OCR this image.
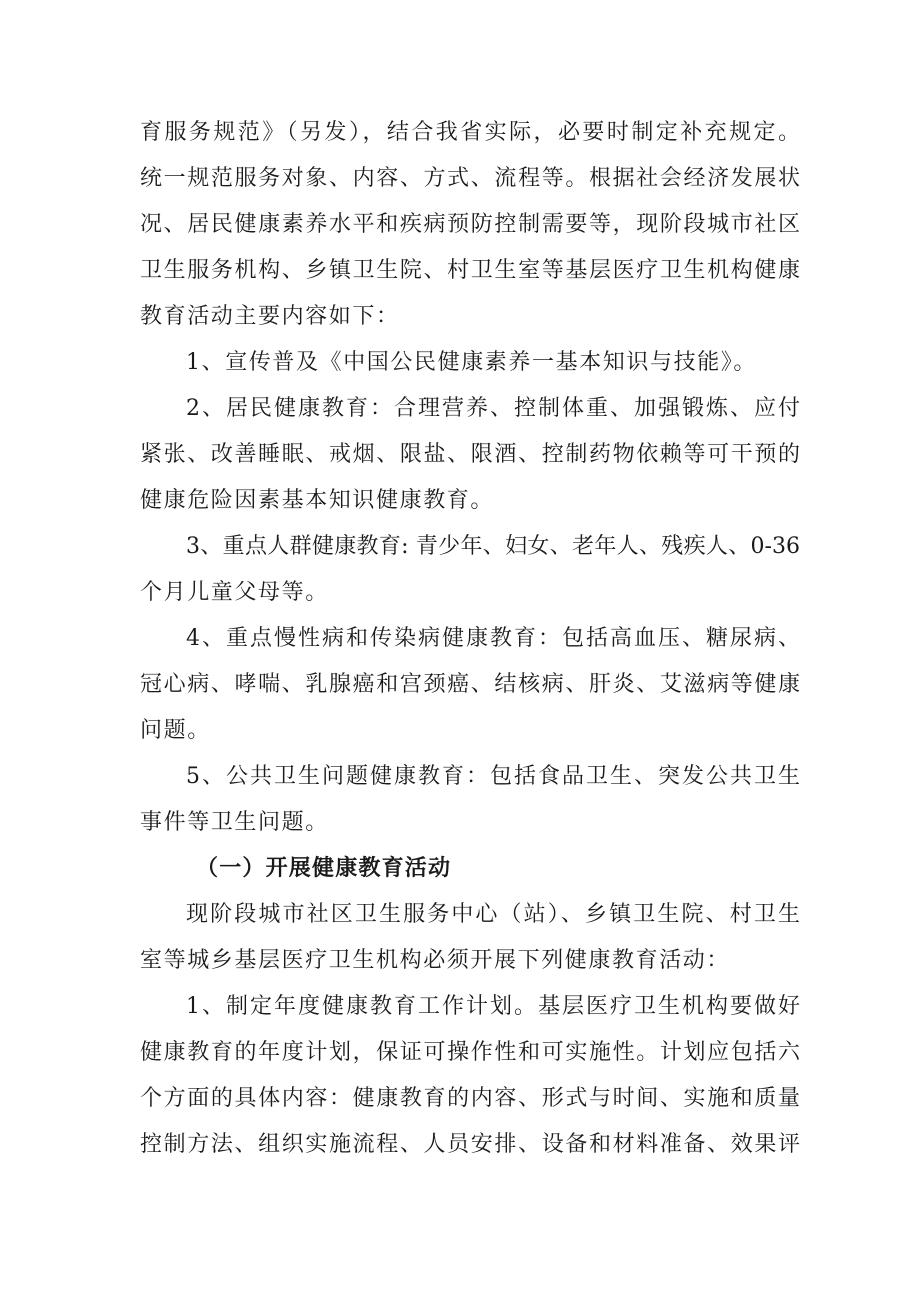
育服务规范》（另发），结合我省实际，必要时制定补充规定。
统一规范服务对象、内容、方式、流程等。根据社会经济发展状
况、居民健康素养水平和疾病预防控制需要等，现阶段城市社区
卫生服务机构、乡镇卫生院、村卫生室等基层医疗卫生机构健康
教育活动主要内容如下：
1、宣传普及《中国公民健康素养一基本知识与技能》。
2、居民健康教育：合理营养、控制体重、加强锻炼、应付
紧张、改善睡眠、戒烟、限盐、限酒、控制药物依赖等可干预的
健康危险因素基本知识健康教育。
3、重点人群健康教育: 青少年、妇女、老年人、残疾人、0-36
个月儿童父母等。
4、重点慢性病和传染病健康教育：包括高血压、糖尿病、
冠心病、哮喘、乳腺癌和宫颈癌、结核病、肝炎、艾滋病等健康
问题。
5、公共卫生问题健康教育：包括食品卫生、突发公共卫生
事件等卫生问题。
（一）开展健康教育活动
现阶段城市社区卫生服务中心（站）、乡镇卫生院、村卫生
室等城乡基层医疗卫生机构必须开展下列健康教育活动：
1、制定年度健康教育工作计划。基层医疗卫生机构要做好
健康教育的年度计划，保证可操作性和可实施性。计划应包括六
个方面的具体内容：健康教育的内容、形式与时间、实施和质量
控制方法、组织实施流程、人员安排、设备和材料准备、效果评
